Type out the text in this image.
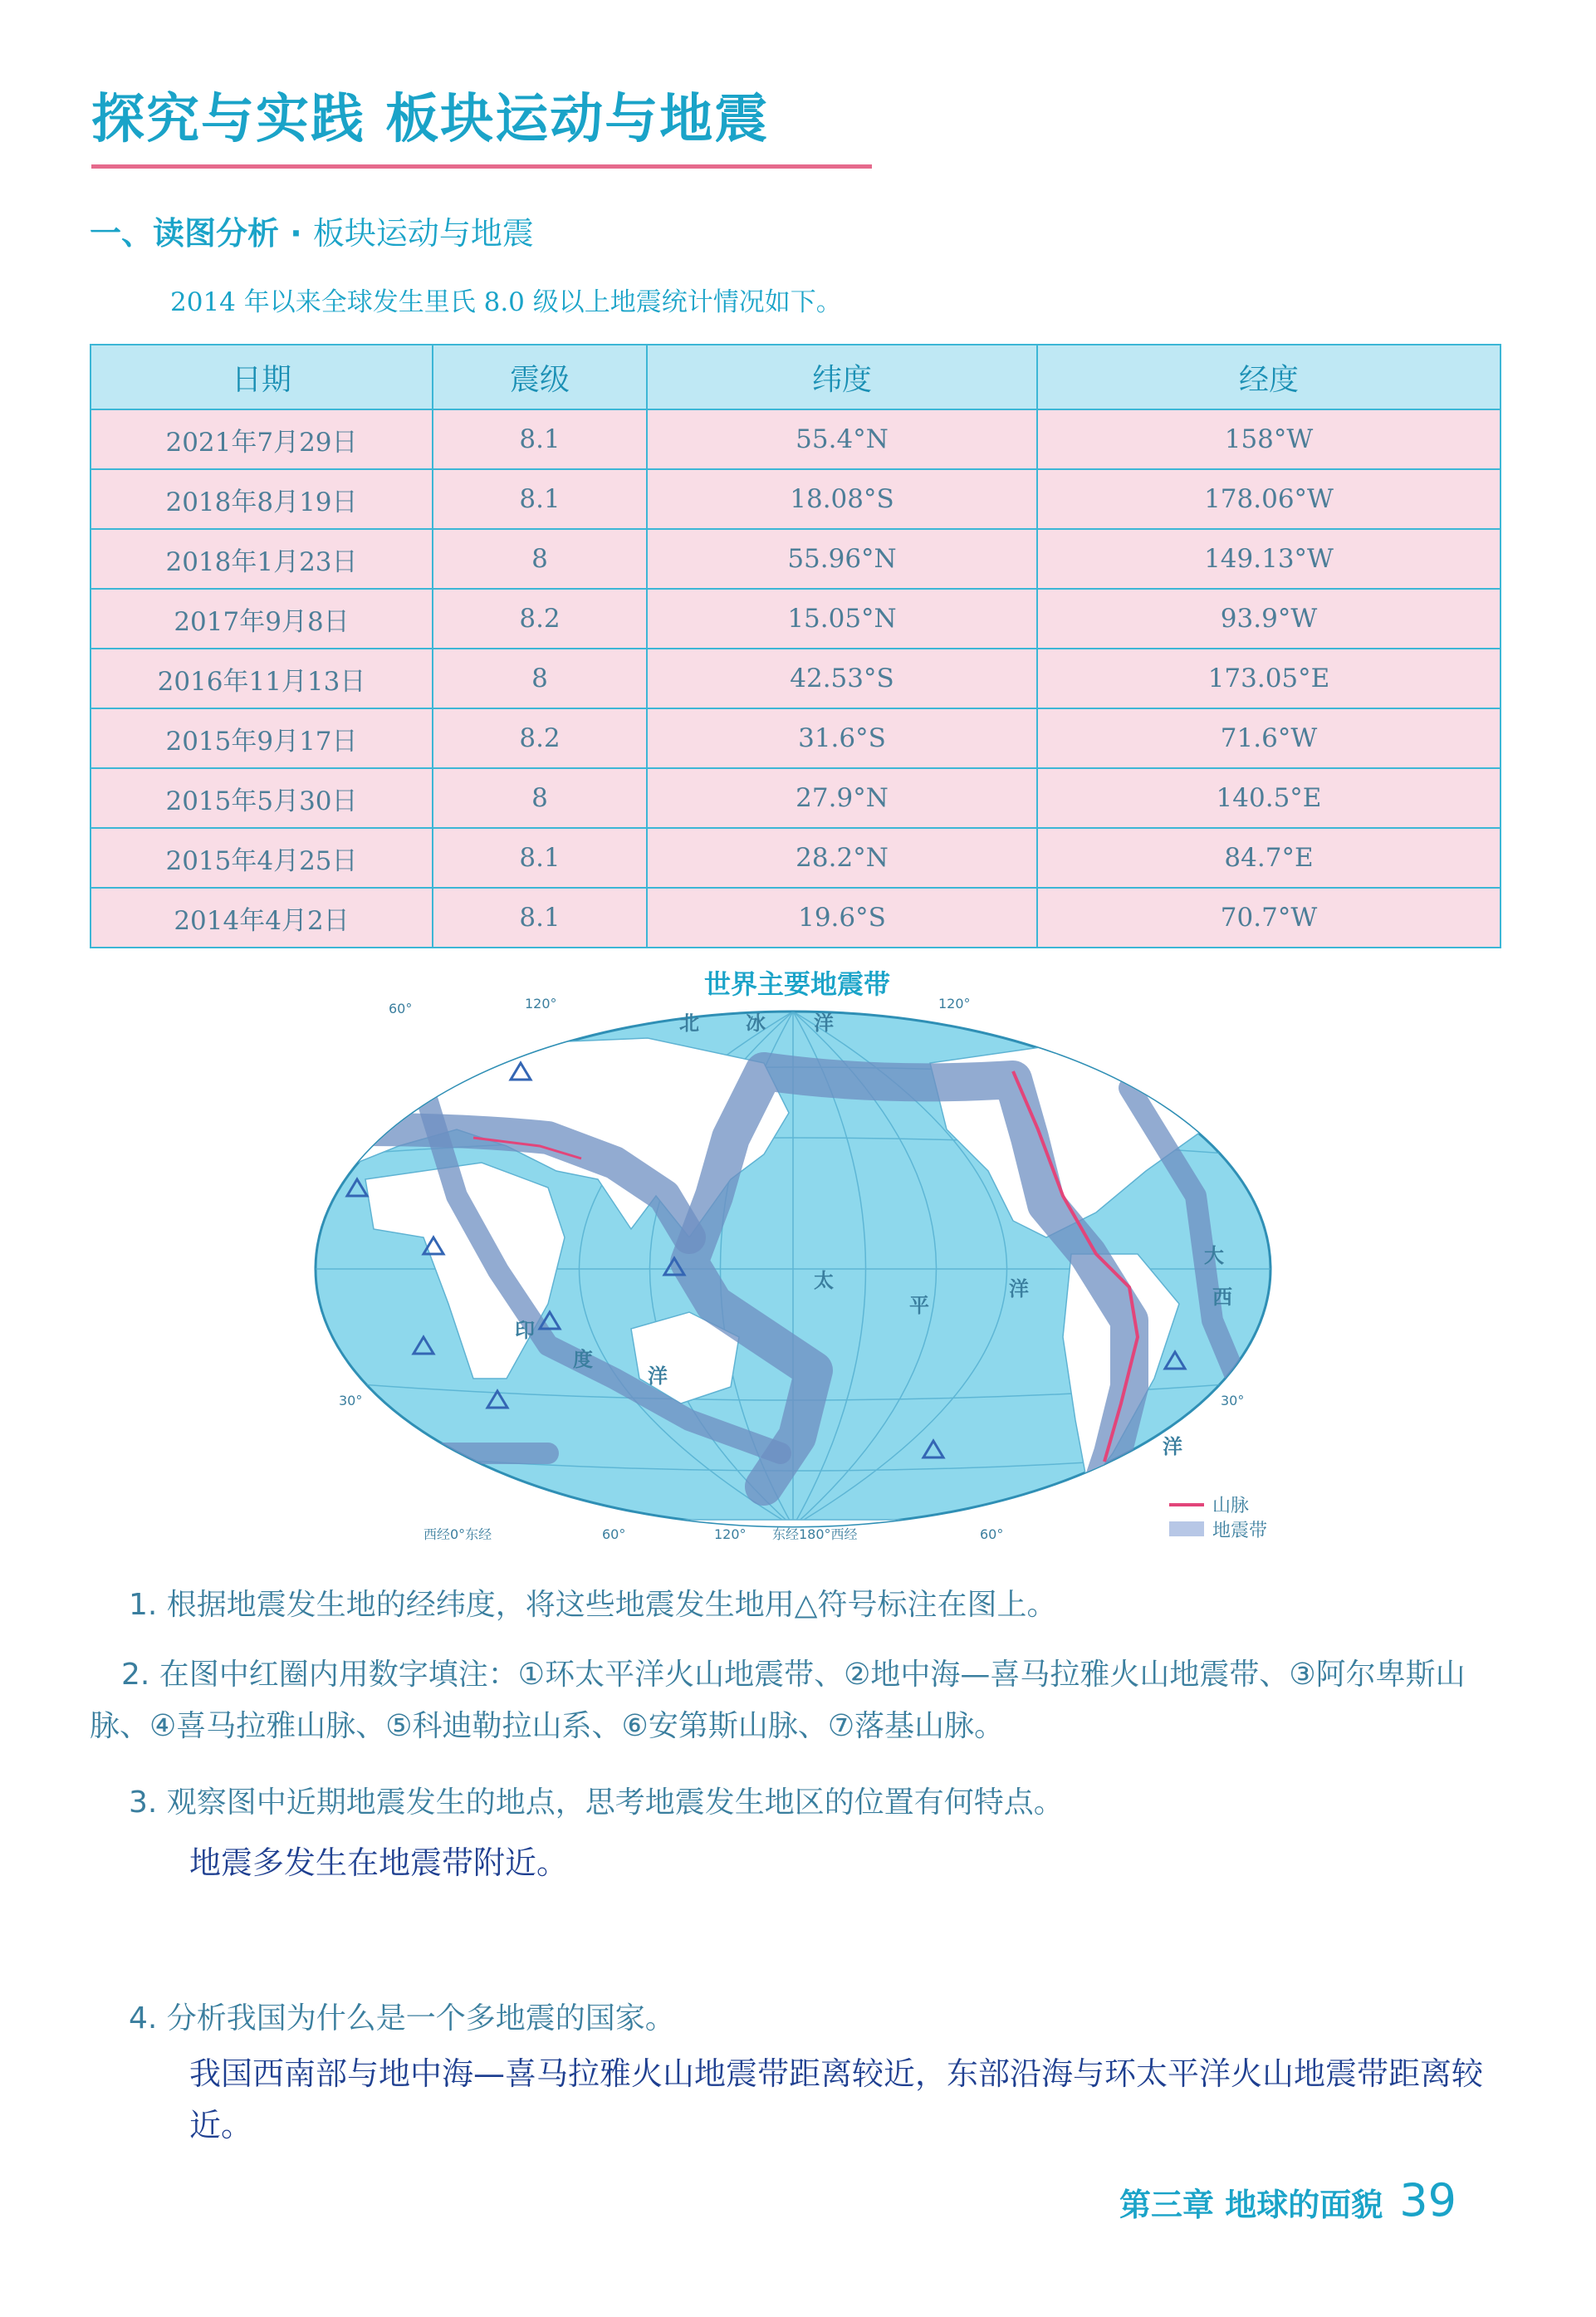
探究与实践 板块运动与地震
一、读图分析 · 板块运动与地震
2014 年以来全球发生里氏 8.0 级以上地震统计情况如下。
日期	震级	纬度	经度
2021年7月29日	8.1	55.4°N	158°W
2018年8月19日	8.1	18.08°S	178.06°W
2018年1月23日	8	55.96°N	149.13°W
2017年9月8日	8.2	15.05°N	93.9°W
2016年11月13日	8	42.53°S	173.05°E
2015年9月17日	8.2	31.6°S	71.6°W
2015年5月30日	8	27.9°N	140.5°E
2015年4月25日	8.1	28.2°N	84.7°E
2014年4月2日	8.1	19.6°S	70.7°W
世界主要地震带
北 冰 洋
太
平
洋
印
度
洋
大
西
洋
60°	120°
60°	120°	60°
120°
西经0°东经	东经180°西经
30°	30°
山脉
地震带
1. 根据地震发生地的经纬度，将这些地震发生地用△符号标注在图上。
2. 在图中红圈内用数字填注：①环太平洋火山地震带、②地中海—喜马拉雅火山地震带、③阿尔卑斯山脉、④喜马拉雅山脉、⑤科迪勒拉山系、⑥安第斯山脉、⑦落基山脉。
3. 观察图中近期地震发生的地点，思考地震发生地区的位置有何特点。
地震多发生在地震带附近。
4. 分析我国为什么是一个多地震的国家。
我国西南部与地中海—喜马拉雅火山地震带距离较近，东部沿海与环太平洋火山地震带距离较近。
第三章 地球的面貌 39
